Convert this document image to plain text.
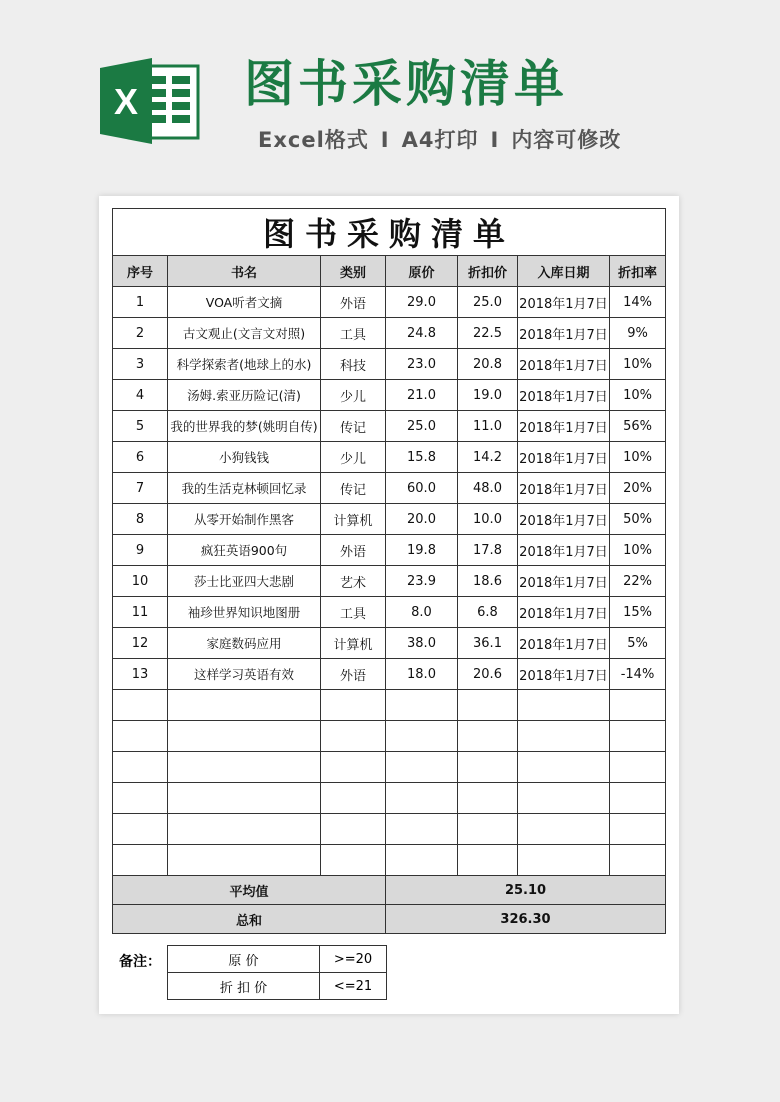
X 图书采购清单
Excel格式 I A4打印 I 内容可修改
图书采购清单						
序号	书名	类别	原价	折扣价	入库日期	折扣率
1	VOA听者文摘	外语	29.0	25.0	2018年1月7日	14%
2	古文观止(文言文对照)	工具	24.8	22.5	2018年1月7日	9%
3	科学探索者(地球上的水)	科技	23.0	20.8	2018年1月7日	10%
4	汤姆.索亚历险记(清)	少儿	21.0	19.0	2018年1月7日	10%
5	我的世界我的梦(姚明自传)	传记	25.0	11.0	2018年1月7日	56%
6	小狗钱钱	少儿	15.8	14.2	2018年1月7日	10%
7	我的生活克林顿回忆录	传记	60.0	48.0	2018年1月7日	20%
8	从零开始制作黑客	计算机	20.0	10.0	2018年1月7日	50%
9	疯狂英语900句	外语	19.8	17.8	2018年1月7日	10%
10	莎士比亚四大悲剧	艺术	23.9	18.6	2018年1月7日	22%
11	袖珍世界知识地图册	工具	8.0	6.8	2018年1月7日	15%
12	家庭数码应用	计算机	38.0	36.1	2018年1月7日	5%
13	这样学习英语有效	外语	18.0	20.6	2018年1月7日	-14%

平均值			25.10			
总和			326.30			
备注：	原 价	>=20
折 扣 价	<=21
